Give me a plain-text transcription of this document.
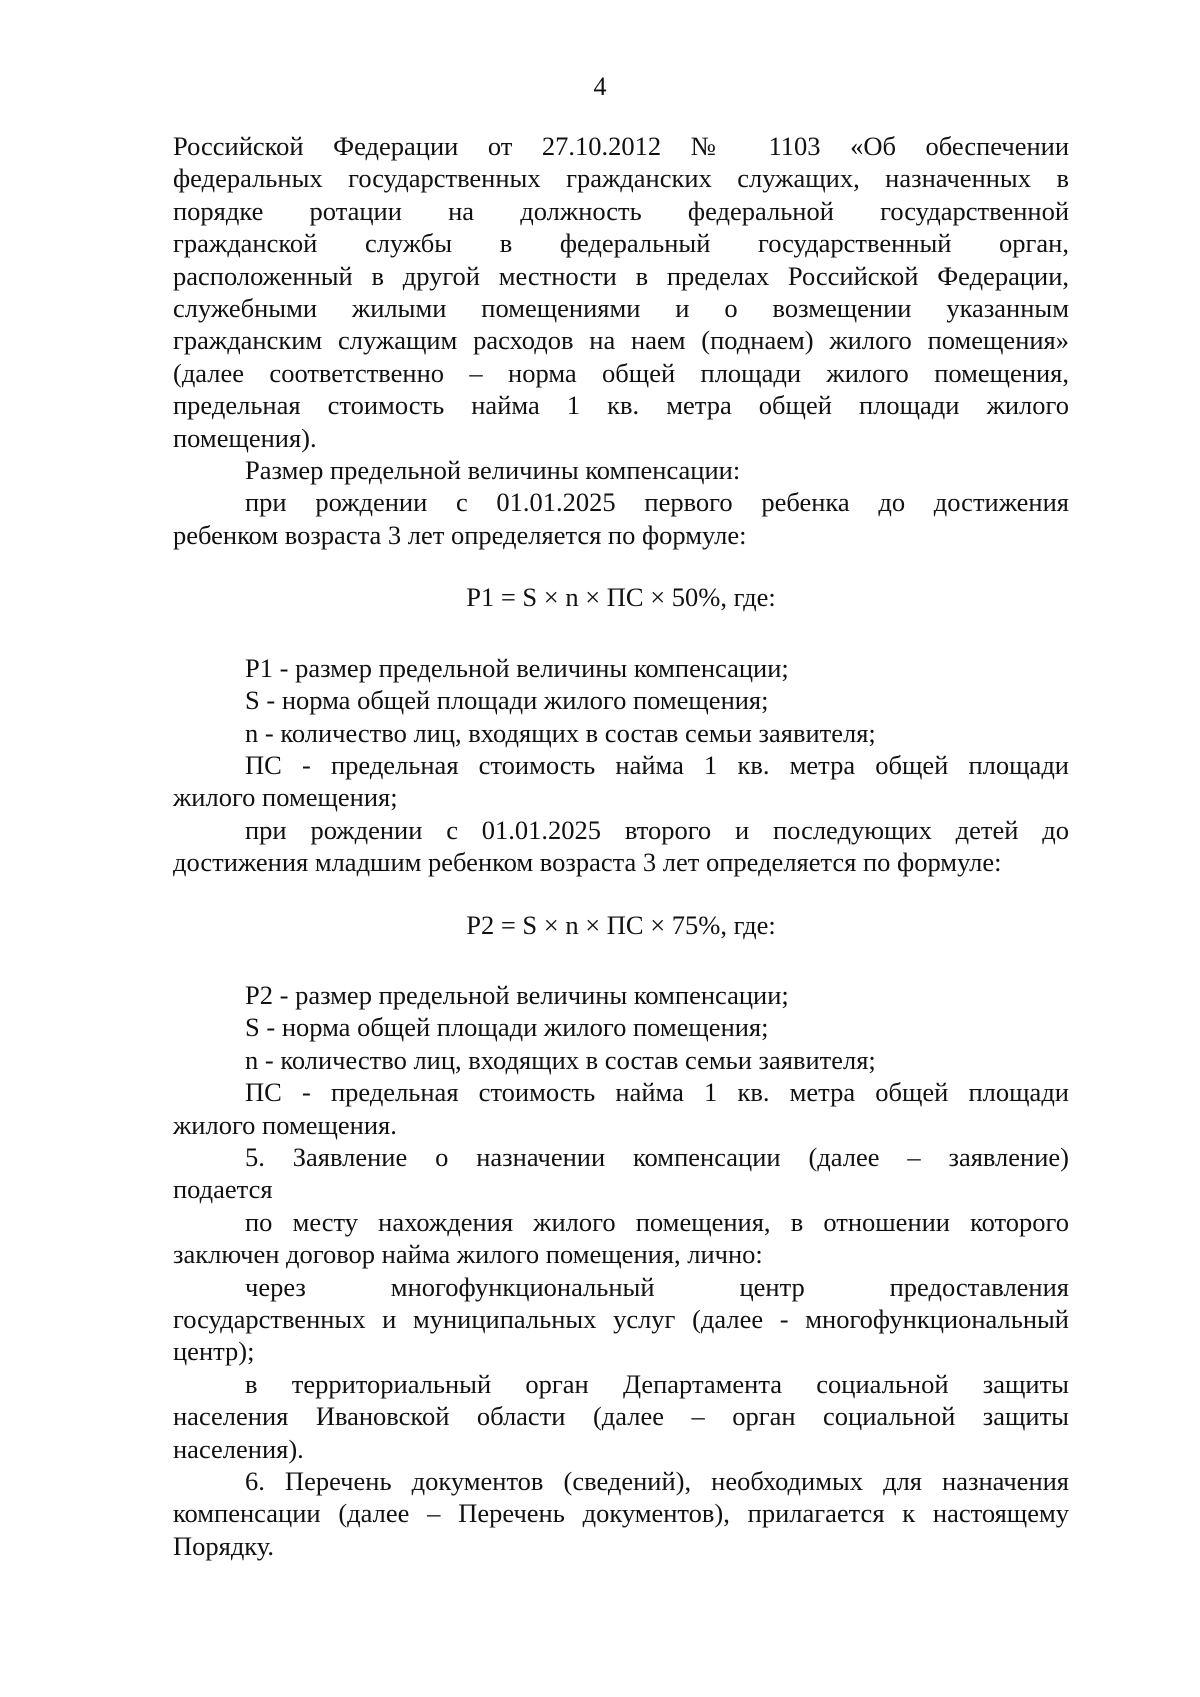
4

Российской Федерации от 27.10.2012 № 1103 «Об обеспечении
федеральных государственных гражданских служащих, назначенных в
порядке ротации на должность федеральной государственной
гражданской службы в федеральный государственный орган,
расположенный в другой местности в пределах Российской Федерации,
служебными жилыми помещениями и о возмещении указанным
гражданским служащим расходов на наем (поднаем) жилого помещения»
(далее соответственно – норма общей площади жилого помещения,
предельная стоимость найма 1 кв. метра общей площади жилого
помещения).

Размер предельной величины компенсации:

при рождении с 01.01.2025 первого ребенка до достижения
ребенком возраста 3 лет определяется по формуле:

P1 = S × n × ПС × 50%, где:

P1 - размер предельной величины компенсации;

S - норма общей площади жилого помещения;

n - количество лиц, входящих в состав семьи заявителя;

ПС - предельная стоимость найма 1 кв. метра общей площади
жилого помещения;

при рождении с 01.01.2025 второго и последующих детей до
достижения младшим ребенком возраста 3 лет определяется по формуле:

P2 = S × n × ПС × 75%, где:

P2 - размер предельной величины компенсации;

S - норма общей площади жилого помещения;

n - количество лиц, входящих в состав семьи заявителя;

ПС - предельная стоимость найма 1 кв. метра общей площади
жилого помещения.

5. Заявление о назначении компенсации (далее – заявление)
подается

по месту нахождения жилого помещения, в отношении которого
заключен договор найма жилого помещения, лично:

через многофункциональный центр предоставления
государственных и муниципальных услуг (далее - многофункциональный
центр);

в территориальный орган Департамента социальной защиты
населения Ивановской области (далее – орган социальной защиты
населения).

6. Перечень документов (сведений), необходимых для назначения
компенсации (далее – Перечень документов), прилагается к настоящему
Порядку.
